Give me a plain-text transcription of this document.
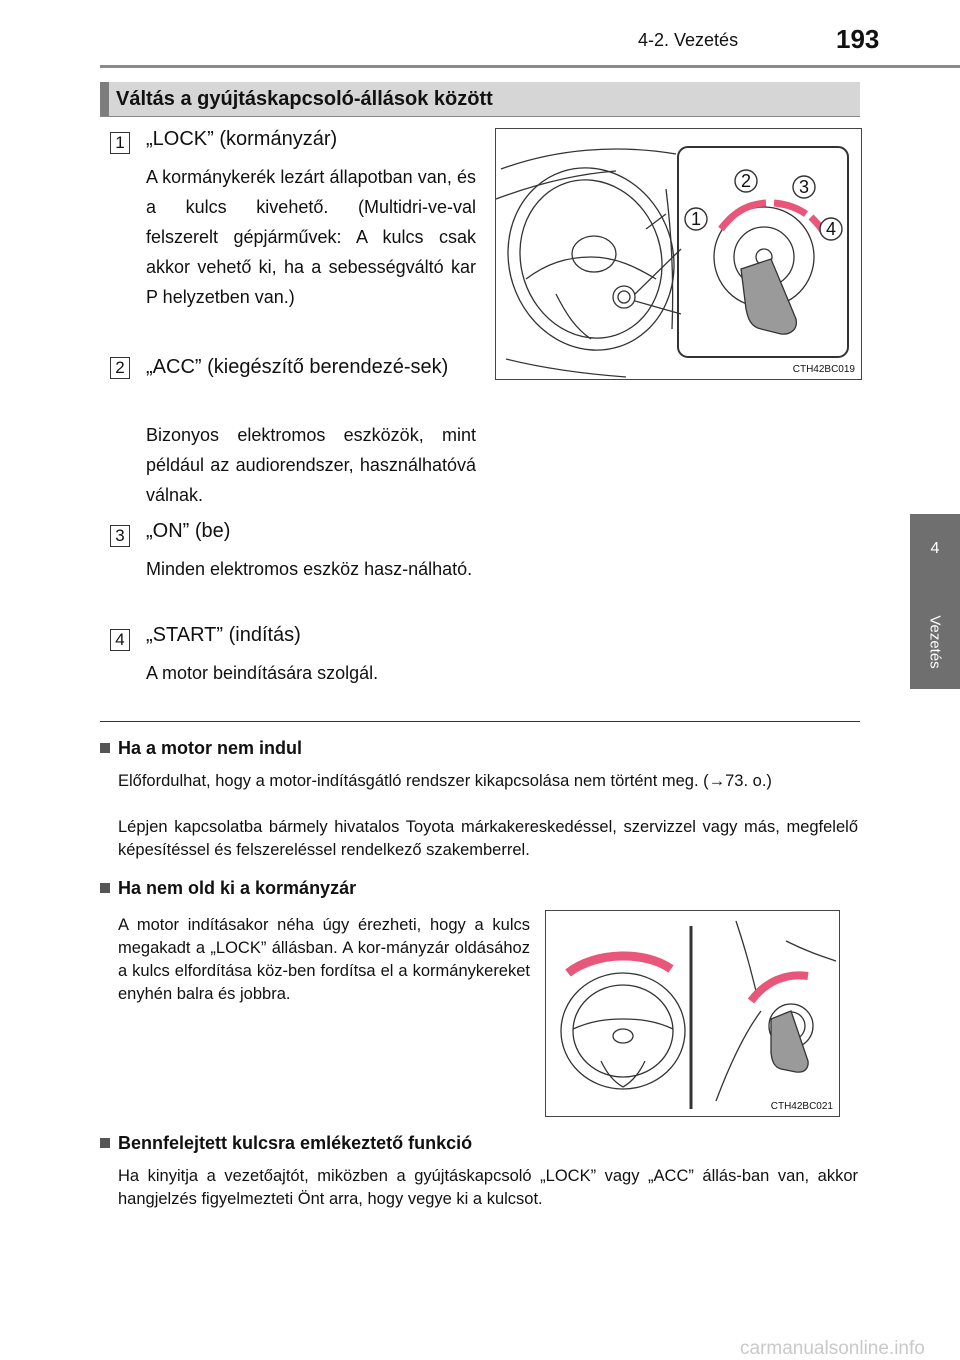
4-2. Vezetés	193
4
Vezetés
Váltás a gyújtáskapcsoló-állások között
1 „LOCK” (kormányzár)
A kormánykerék lezárt állapotban van, és a kulcs kivehető. (Multidri-ve-val felszerelt gépjárművek: A kulcs csak akkor vehető ki, ha a sebességváltó kar P helyzetben van.)
2 „ACC” (kiegészítő berendezé-sek)
Bizonyos elektromos eszközök, mint például az audiorendszer, használhatóvá válnak.
3 „ON” (be)
Minden elektromos eszköz hasz-nálható.
4 „START” (indítás)
A motor beindítására szolgál.
1
2	3
4
CTH42BC019
Ha a motor nem indul
Előfordulhat, hogy a motor-indításgátló rendszer kikapcsolása nem történt meg. (→73. o.)
Lépjen kapcsolatba bármely hivatalos Toyota márkakereskedéssel, szervizzel vagy más, megfelelő képesítéssel és felszereléssel rendelkező szakemberrel.
Ha nem old ki a kormányzár
A motor indításakor néha úgy érezheti, hogy a kulcs megakadt a „LOCK” állásban. A kor-mányzár oldásához a kulcs elfordítása köz-ben fordítsa el a kormánykereket enyhén balra és jobbra.
CTH42BC021
Bennfelejtett kulcsra emlékeztető funkció
Ha kinyitja a vezetőajtót, miközben a gyújtáskapcsoló „LOCK” vagy „ACC” állás-ban van, akkor hangjelzés figyelmezteti Önt arra, hogy vegye ki a kulcsot.
carmanualsonline.info
